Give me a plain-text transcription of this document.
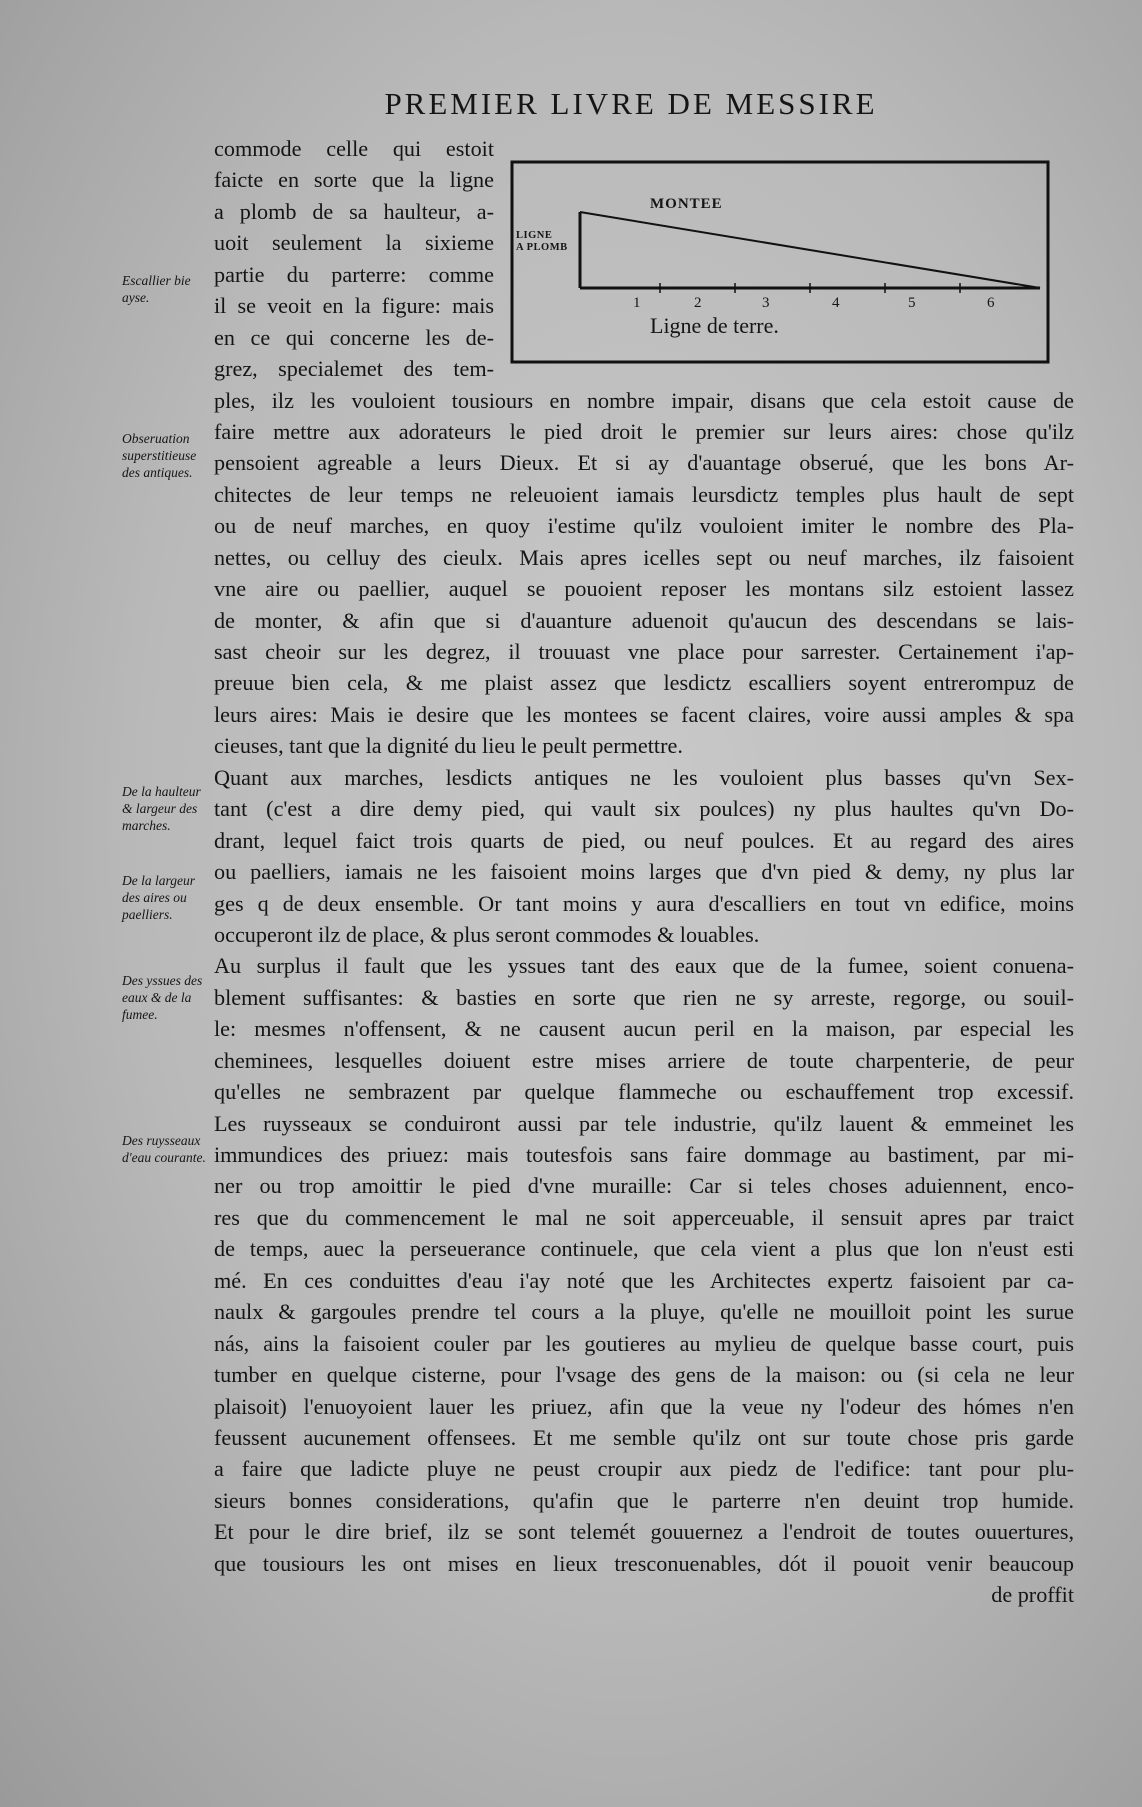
PREMIER LIVRE DE MESSIRE
MONTEE
LIGNE
A PLOMB
1	2	3	4	5	6
Ligne de terre.
Escallier bie ayse.
Obseruation superstitieuse des antiques.
De la haulteur & largeur des marches.
De la largeur des aires ou paelliers.
Des yssues des eaux & de la fumee.
Des ruysseaux d'eau courante.
commode celle qui estoit
faicte en sorte que la ligne
a plomb de sa haulteur, a-
uoit seulement la sixieme
partie du parterre: comme
il se veoit en la figure: mais
en ce qui concerne les de-
grez, specialemet des tem-
ples, ilz les vouloient tousiours en nombre impair, disans que cela estoit cause de
faire mettre aux adorateurs le pied droit le premier sur leurs aires: chose qu'ilz
pensoient agreable a leurs Dieux. Et si ay d'auantage obserué, que les bons Ar-
chitectes de leur temps ne releuoient iamais leursdictz temples plus hault de sept
ou de neuf marches, en quoy i'estime qu'ilz vouloient imiter le nombre des Pla-
nettes, ou celluy des cieulx. Mais apres icelles sept ou neuf marches, ilz faisoient
vne aire ou paellier, auquel se pouoient reposer les montans silz estoient lassez
de monter, & afin que si d'auanture aduenoit qu'aucun des descendans se lais-
sast cheoir sur les degrez, il trouuast vne place pour sarrester. Certainement i'ap-
preuue bien cela, & me plaist assez que lesdictz escalliers soyent entrerompuz de
leurs aires: Mais ie desire que les montees se facent claires, voire aussi amples & spa
cieuses, tant que la dignité du lieu le peult permettre.
Quant aux marches, lesdicts antiques ne les vouloient plus basses qu'vn Sex-
tant (c'est a dire demy pied, qui vault six poulces) ny plus haultes qu'vn Do-
drant, lequel faict trois quarts de pied, ou neuf poulces. Et au regard des aires
ou paelliers, iamais ne les faisoient moins larges que d'vn pied & demy, ny plus lar
ges q de deux ensemble. Or tant moins y aura d'escalliers en tout vn edifice, moins
occuperont ilz de place, & plus seront commodes & louables.
Au surplus il fault que les yssues tant des eaux que de la fumee, soient conuena-
blement suffisantes: & basties en sorte que rien ne sy arreste, regorge, ou souil-
le: mesmes n'offensent, & ne causent aucun peril en la maison, par especial les
cheminees, lesquelles doiuent estre mises arriere de toute charpenterie, de peur
qu'elles ne sembrazent par quelque flammeche ou eschauffement trop excessif.
Les ruysseaux se conduiront aussi par tele industrie, qu'ilz lauent & emmeinet les
immundices des priuez: mais toutesfois sans faire dommage au bastiment, par mi-
ner ou trop amoittir le pied d'vne muraille: Car si teles choses aduiennent, enco-
res que du commencement le mal ne soit apperceuable, il sensuit apres par traict
de temps, auec la perseuerance continuele, que cela vient a plus que lon n'eust esti
mé. En ces conduittes d'eau i'ay noté que les Architectes expertz faisoient par ca-
naulx & gargoules prendre tel cours a la pluye, qu'elle ne mouilloit point les surue
nás, ains la faisoient couler par les goutieres au mylieu de quelque basse court, puis
tumber en quelque cisterne, pour l'vsage des gens de la maison: ou (si cela ne leur
plaisoit) l'enuoyoient lauer les priuez, afin que la veue ny l'odeur des hómes n'en
feussent aucunement offensees. Et me semble qu'ilz ont sur toute chose pris garde
a faire que ladicte pluye ne peust croupir aux piedz de l'edifice: tant pour plu-
sieurs bonnes considerations, qu'afin que le parterre n'en deuint trop humide.
Et pour le dire brief, ilz se sont telemét gouuernez a l'endroit de toutes ouuertures,
que tousiours les ont mises en lieux tresconuenables, dót il pouoit venir beaucoup
de proffit
